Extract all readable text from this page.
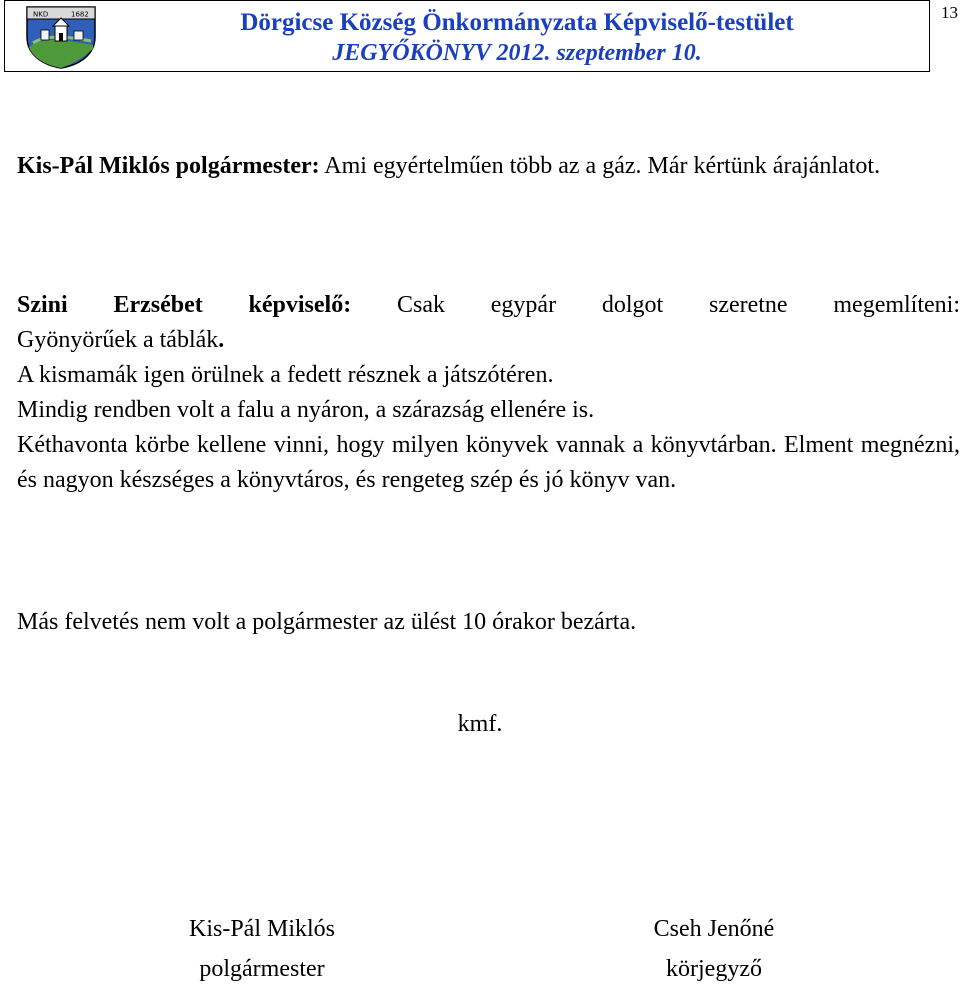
NKD	1682	Dörgicse Község Önkormányzata Képviselő-testület
JEGYŐKÖNYV 2012. szeptember 10.
13

Kis-Pál Miklós polgármester: Ami egyértelműen több az a gáz. Már kértünk árajánlatot.

Szini Erzsébet képviselő: Csak egypár dolgot szeretne megemlíteni:

Gyönyörűek a táblák.

A kismamák igen örülnek a fedett résznek a játszótéren.

Mindig rendben volt a falu a nyáron, a szárazság ellenére is.

Kéthavonta körbe kellene vinni, hogy milyen könyvek vannak a könyvtárban. Elment megnézni, és nagyon készséges a könyvtáros, és rengeteg szép és jó könyv van.

Más felvetés nem volt a polgármester az ülést 10 órakor bezárta.

kmf.
Kis-Pál Miklós
polgármester
Cseh Jenőné
körjegyző
